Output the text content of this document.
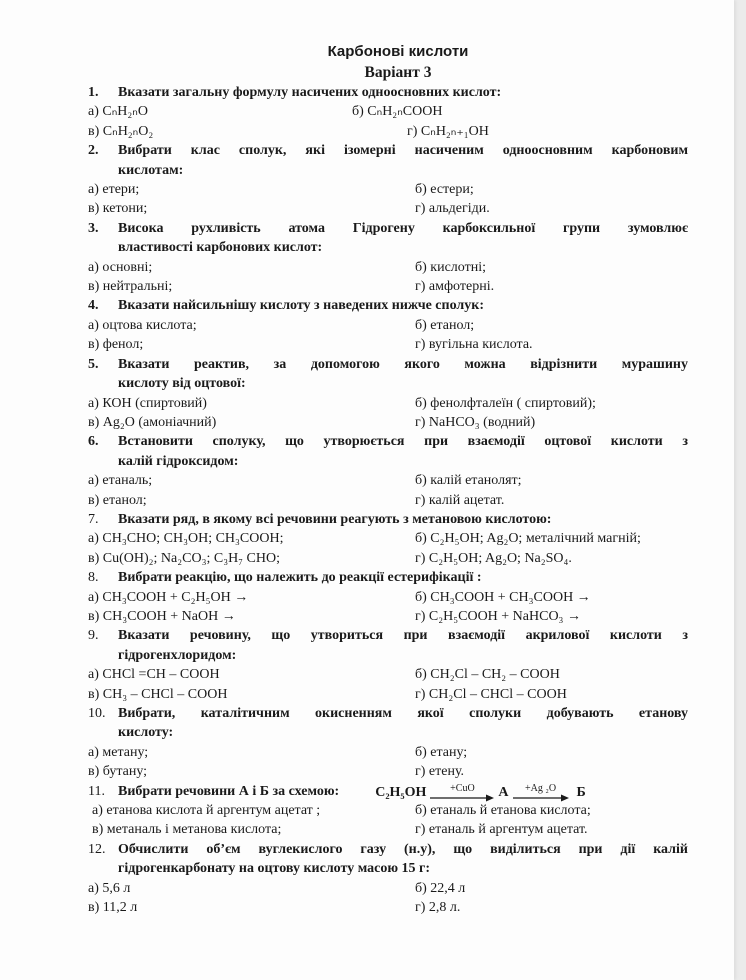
Карбонові кислоти
Варіант 3
1.	Вказати загальну формулу насичених одноосновних кислот:
а) CₙH₂ₙO	б) CₙH₂ₙCOOH
в) CₙH₂ₙO₂	г) CₙH₂ₙ₊₁OH
2.	Вибрати клас сполук, які ізомерні насиченим одноосновним карбоновим
кислотам:
а) етери;	б) естери;
в) кетони;	г) альдегіди.
3.	Висока рухливість атома Гідрогену карбоксильної групи зумовлює
властивості карбонових кислот:
а) основні;	б) кислотні;
в) нейтральні;	г) амфотерні.
4.	Вказати найсильнішу кислоту з наведених нижче сполук:
а) оцтова кислота;	б) етанол;
в) фенол;	г) вугільна кислота.
5.	Вказати реактив, за допомогою якого можна відрізнити мурашину
кислоту від оцтової:
а) КОН (спиртовий)	б) фенолфталеїн ( спиртовий);
в) Ag₂O (амоніачний)	г) NaHCO₃ (водний)
6.	Встановити сполуку, що утворюється при взаємодії оцтової кислоти з
калій гідроксидом:
а) етаналь;	б) калій етанолят;
в) етанол;	г) калій ацетат.
7.	Вказати ряд, в якому всі речовини реагують з метановою кислотою:
а) CH₃CHO; CH₃OH; CH₃COOH;	б) C₂H₅OH; Ag₂O; металічний магній;
в) Cu(OH)₂; Na₂CO₃; C₃H₇ CHO;	г) C₂H₅OH; Ag₂O; Na₂SO₄.
8.	Вибрати реакцію, що належить до реакції естерифікації :
а) CH₃COOH + C₂H₅OH →	б) CH₃COOH + CH₃COOH →
в) CH₃COOH + NaOH →	г) C₂H₅COOH + NaHCO₃ →
9.	Вказати речовину, що утвориться при взаємодії акрилової кислоти з
гідрогенхлоридом:
а) CHCl =CH – COOH	б) CH₂Cl – CH₂ – COOH
в) CH₃ – CHCl – COOH	г) CH₂Cl – CHCl – COOH
10. Вибрати, каталітичним окисненням якої сполуки добувають етанову
кислоту:
а) метану;	б) етану;
в) бутану;	г) етену.
11. Вибрати речовини А і Б за схемою:	C₂H₅OH +CuO A +Ag ₂O Б
а) етанова кислота й аргентум ацетат ;	б) етаналь й етанова кислота;
в) метаналь і метанова кислота;	г) етаналь й аргентум ацетат.
12. Обчислити об’єм вуглекислого газу (н.у), що виділиться при дії калій
гідрогенкарбонату на оцтову кислоту масою 15 г:
а) 5,6 л	б) 22,4 л
в) 11,2 л	г) 2,8 л.
